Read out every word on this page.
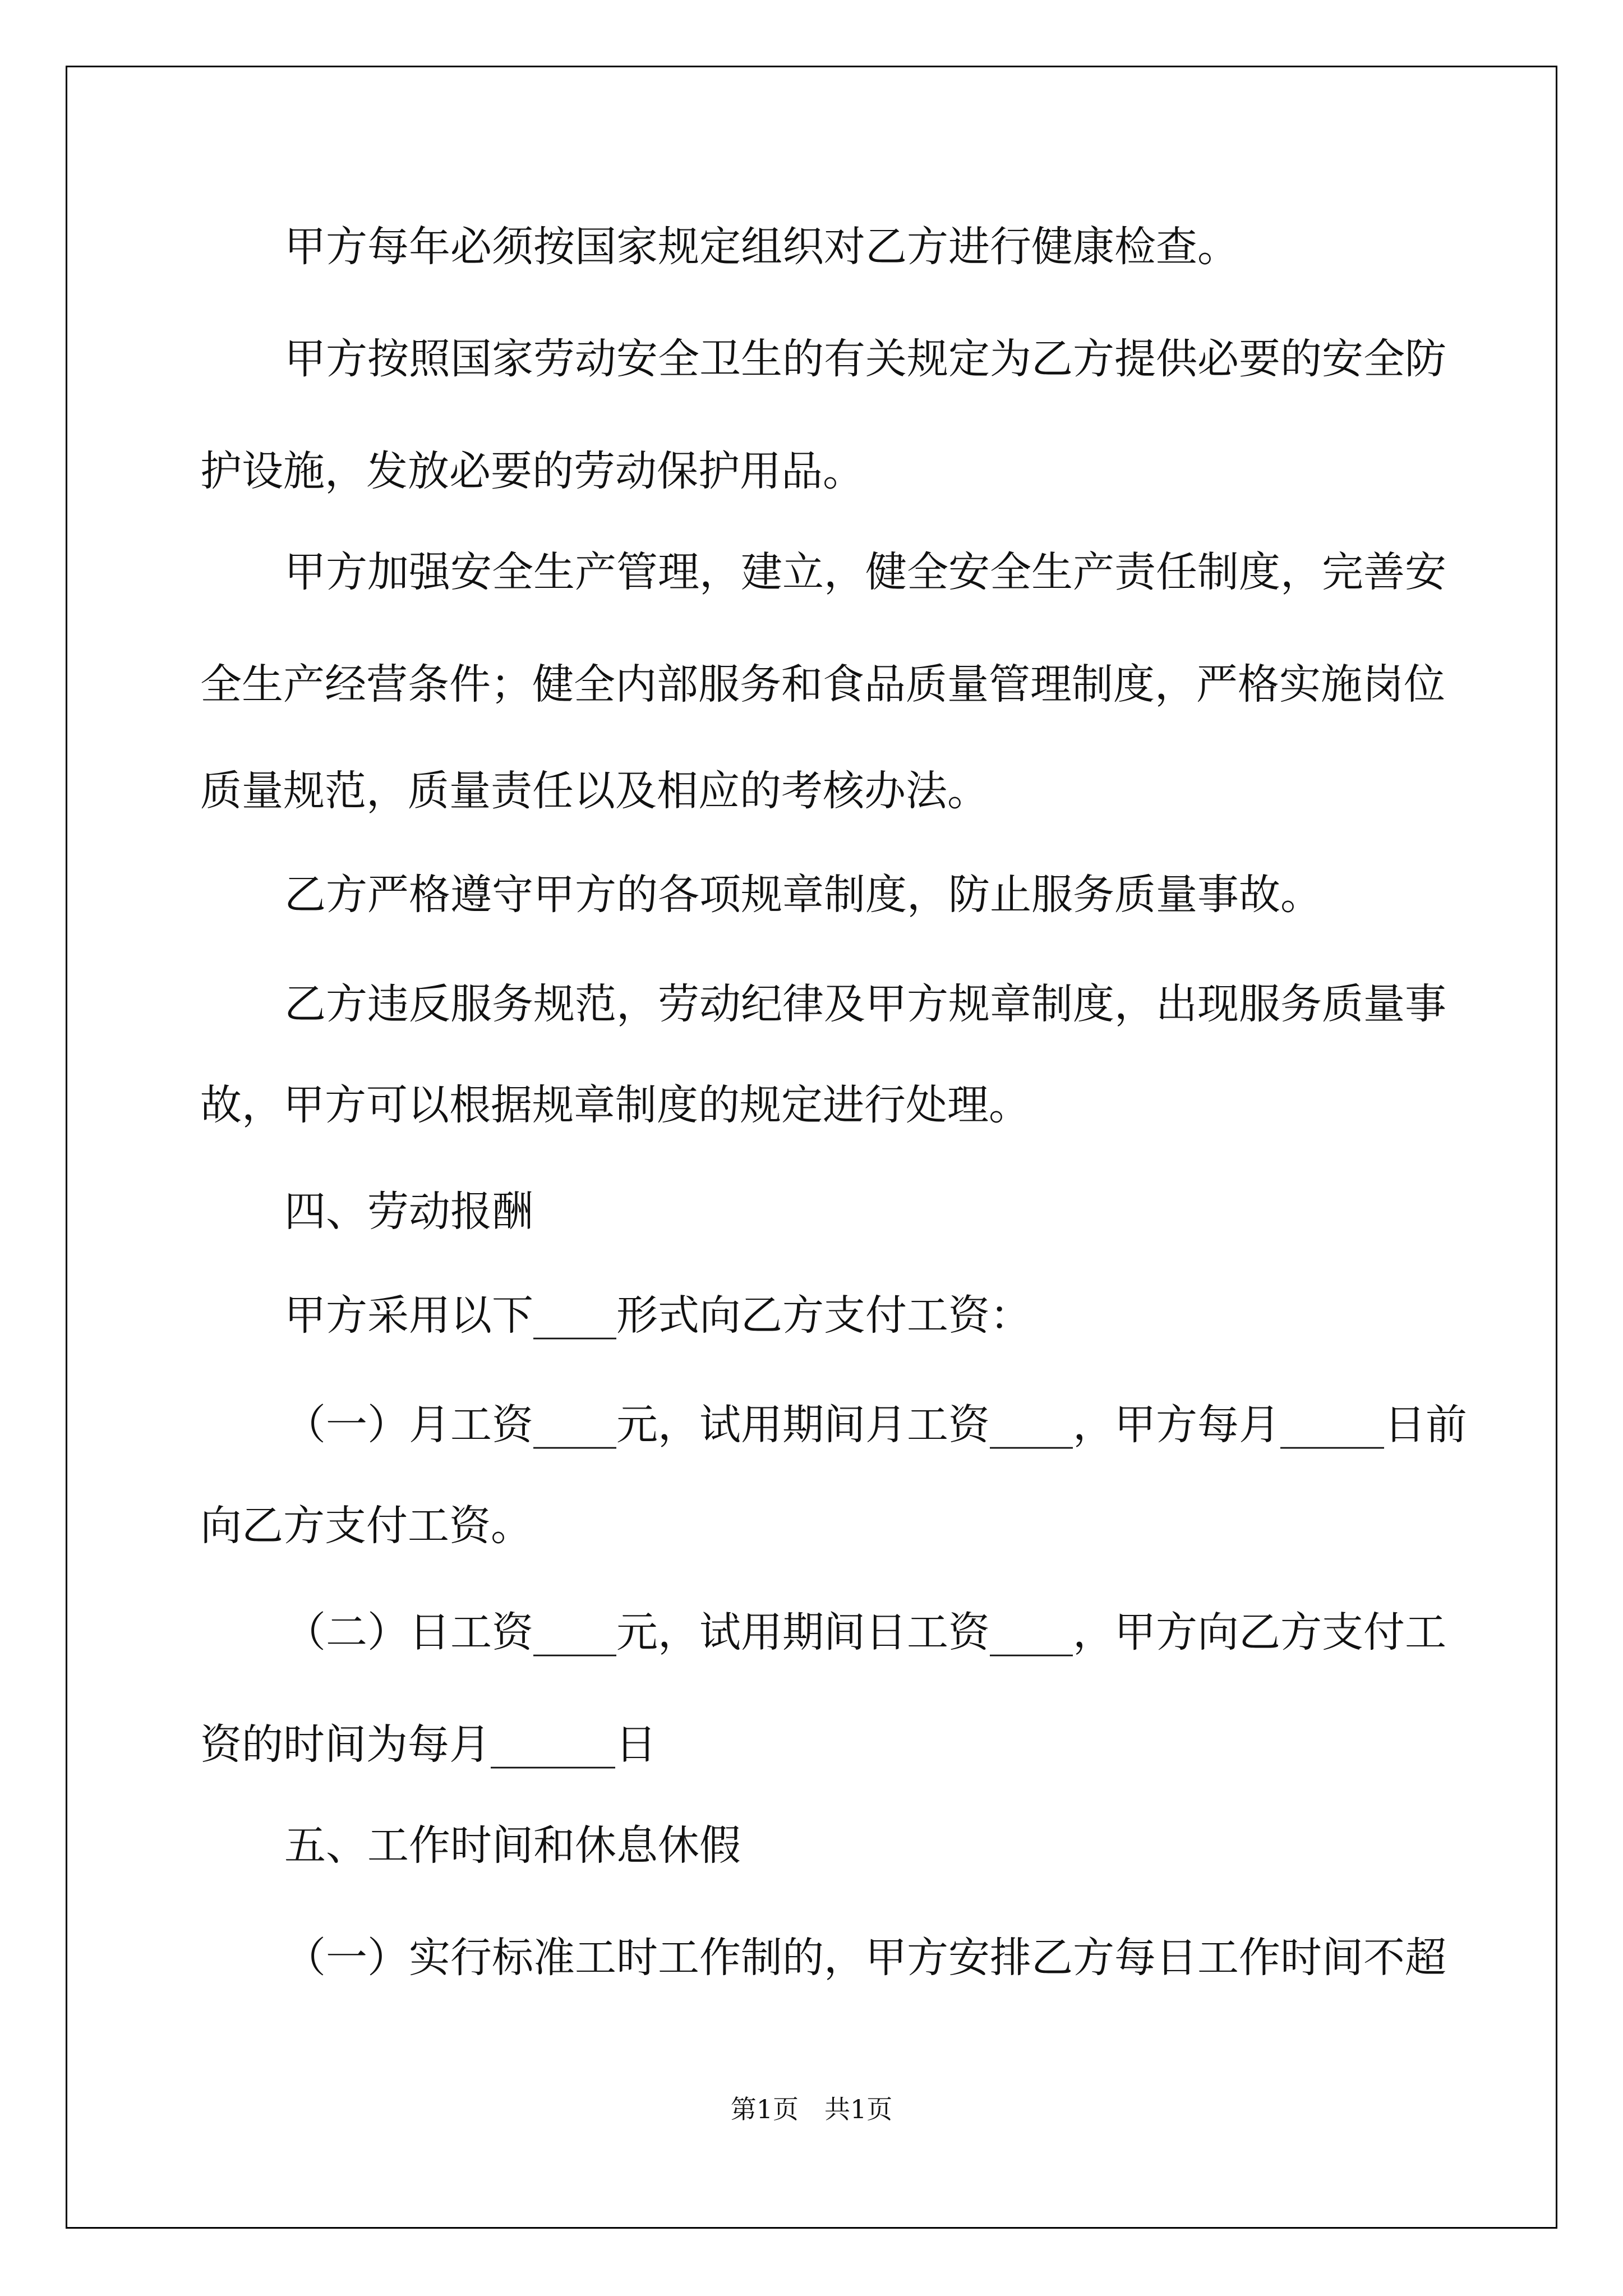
甲方每年必须按国家规定组织对乙方进行健康检查。
甲方按照国家劳动安全卫生的有关规定为乙方提供必要的安全防
护设施，发放必要的劳动保护用品。
甲方加强安全生产管理，建立，健全安全生产责任制度，完善安
全生产经营条件；健全内部服务和食品质量管理制度，严格实施岗位
质量规范，质量责任以及相应的考核办法。
乙方严格遵守甲方的各项规章制度，防止服务质量事故。
乙方违反服务规范，劳动纪律及甲方规章制度，出现服务质量事
故，甲方可以根据规章制度的规定进行处理。
四、劳动报酬
甲方采用以下____形式向乙方支付工资：
（一）月工资____元，试用期间月工资____，甲方每月_____日前
向乙方支付工资。
（二）日工资____元，试用期间日工资____，甲方向乙方支付工
资的时间为每月______日
五、工作时间和休息休假
（一）实行标准工时工作制的，甲方安排乙方每日工作时间不超
第1页　共1页
